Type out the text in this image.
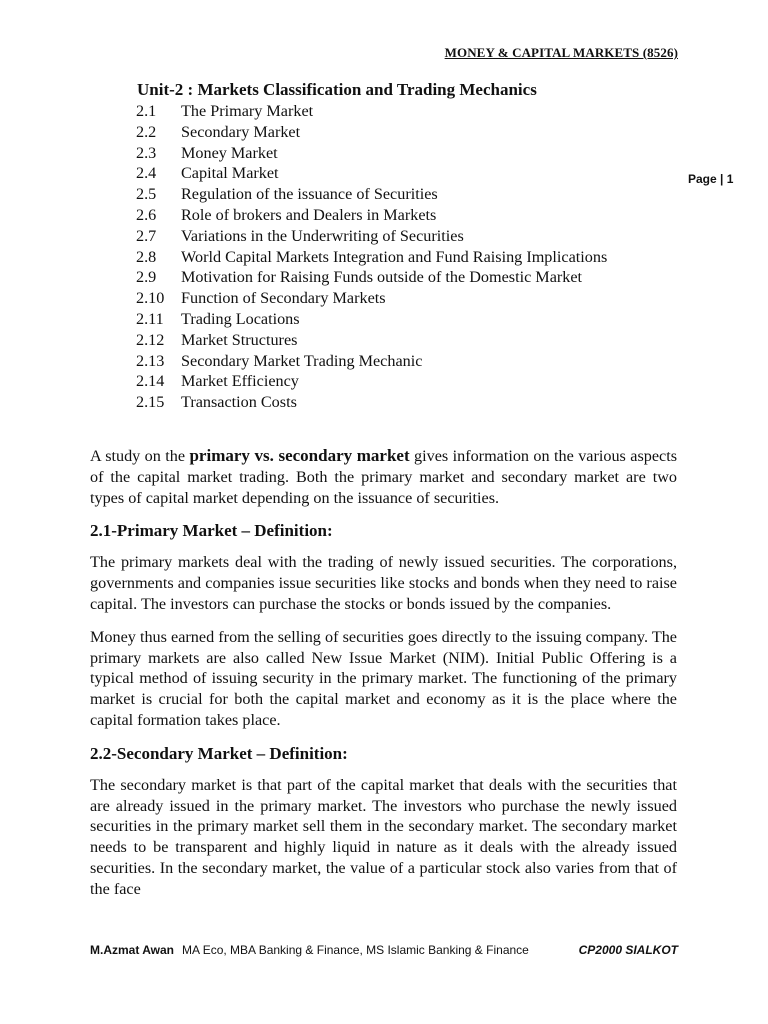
MONEY & CAPITAL MARKETS (8526)
Page | 1
Unit-2 : Markets Classification and Trading Mechanics
2.1 The Primary Market
2.2 Secondary Market
2.3 Money Market
2.4 Capital Market
2.5 Regulation of the issuance of Securities
2.6 Role of brokers and Dealers in Markets
2.7 Variations in the Underwriting of Securities
2.8 World Capital Markets Integration and Fund Raising Implications
2.9 Motivation for Raising Funds outside of the Domestic Market
2.10 Function of Secondary Markets
2.11 Trading Locations
2.12 Market Structures
2.13 Secondary Market Trading Mechanic
2.14 Market Efficiency
2.15 Transaction Costs

A study on the primary vs. secondary market gives information on the various aspects of the capital market trading. Both the primary market and secondary market are two types of capital market depending on the issuance of securities.

2.1-Primary Market – Definition:

The primary markets deal with the trading of newly issued securities. The corporations, governments and companies issue securities like stocks and bonds when they need to raise capital. The investors can purchase the stocks or bonds issued by the companies.

Money thus earned from the selling of securities goes directly to the issuing company. The primary markets are also called New Issue Market (NIM). Initial Public Offering is a typical method of issuing security in the primary market. The functioning of the primary market is crucial for both the capital market and economy as it is the place where the capital formation takes place.

2.2-Secondary Market – Definition:

The secondary market is that part of the capital market that deals with the securities that are already issued in the primary market. The investors who purchase the newly issued securities in the primary market sell them in the secondary market. The secondary market needs to be transparent and highly liquid in nature as it deals with the already issued securities. In the secondary market, the value of a particular stock also varies from that of the face

M.Azmat Awan MA Eco, MBA Banking & Finance, MS Islamic Banking & Finance	CP2000 SIALKOT
